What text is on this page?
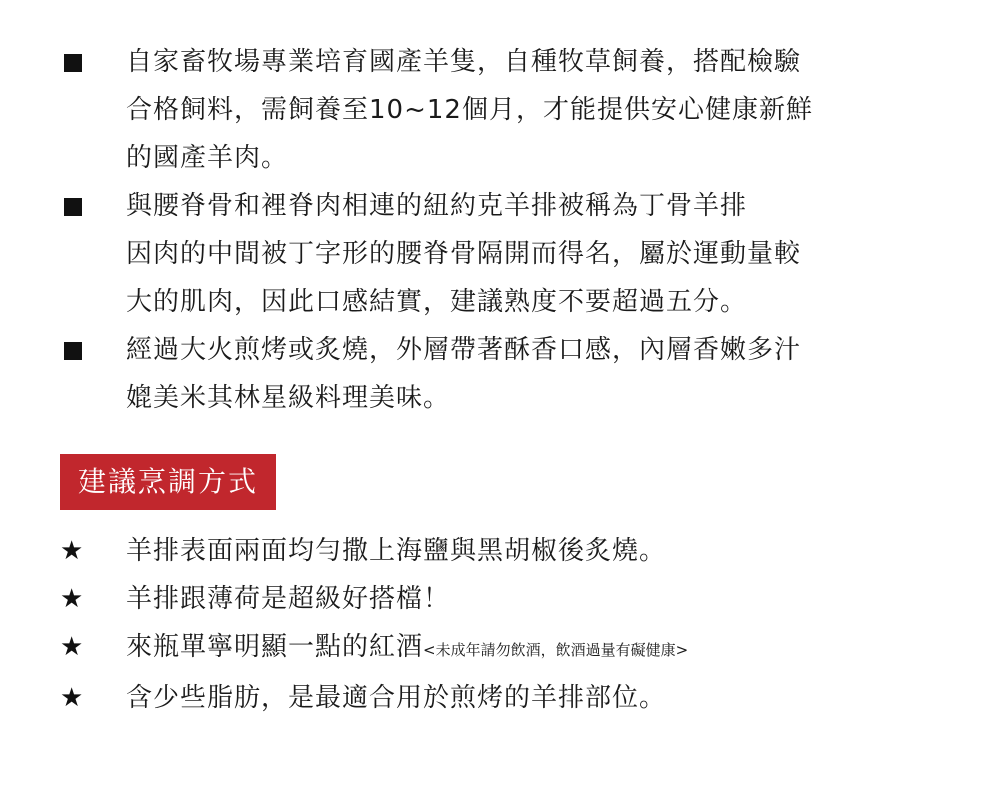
自家畜牧場專業培育國產羊隻，自種牧草飼養，搭配檢驗
合格飼料，需飼養至10~12個月，才能提供安心健康新鮮
的國產羊肉。
與腰脊骨和裡脊肉相連的紐約克羊排被稱為丁骨羊排
因肉的中間被丁字形的腰脊骨隔開而得名，屬於運動量較
大的肌肉，因此口感結實，建議熟度不要超過五分。
經過大火煎烤或炙燒，外層帶著酥香口感，內層香嫩多汁
媲美米其林星級料理美味。
建議烹調方式
★ 羊排表面兩面均勻撒上海鹽與黑胡椒後炙燒。
★ 羊排跟薄荷是超級好搭檔！
★ 來瓶單寧明顯一點的紅酒<未成年請勿飲酒，飲酒過量有礙健康>
★ 含少些脂肪，是最適合用於煎烤的羊排部位。
